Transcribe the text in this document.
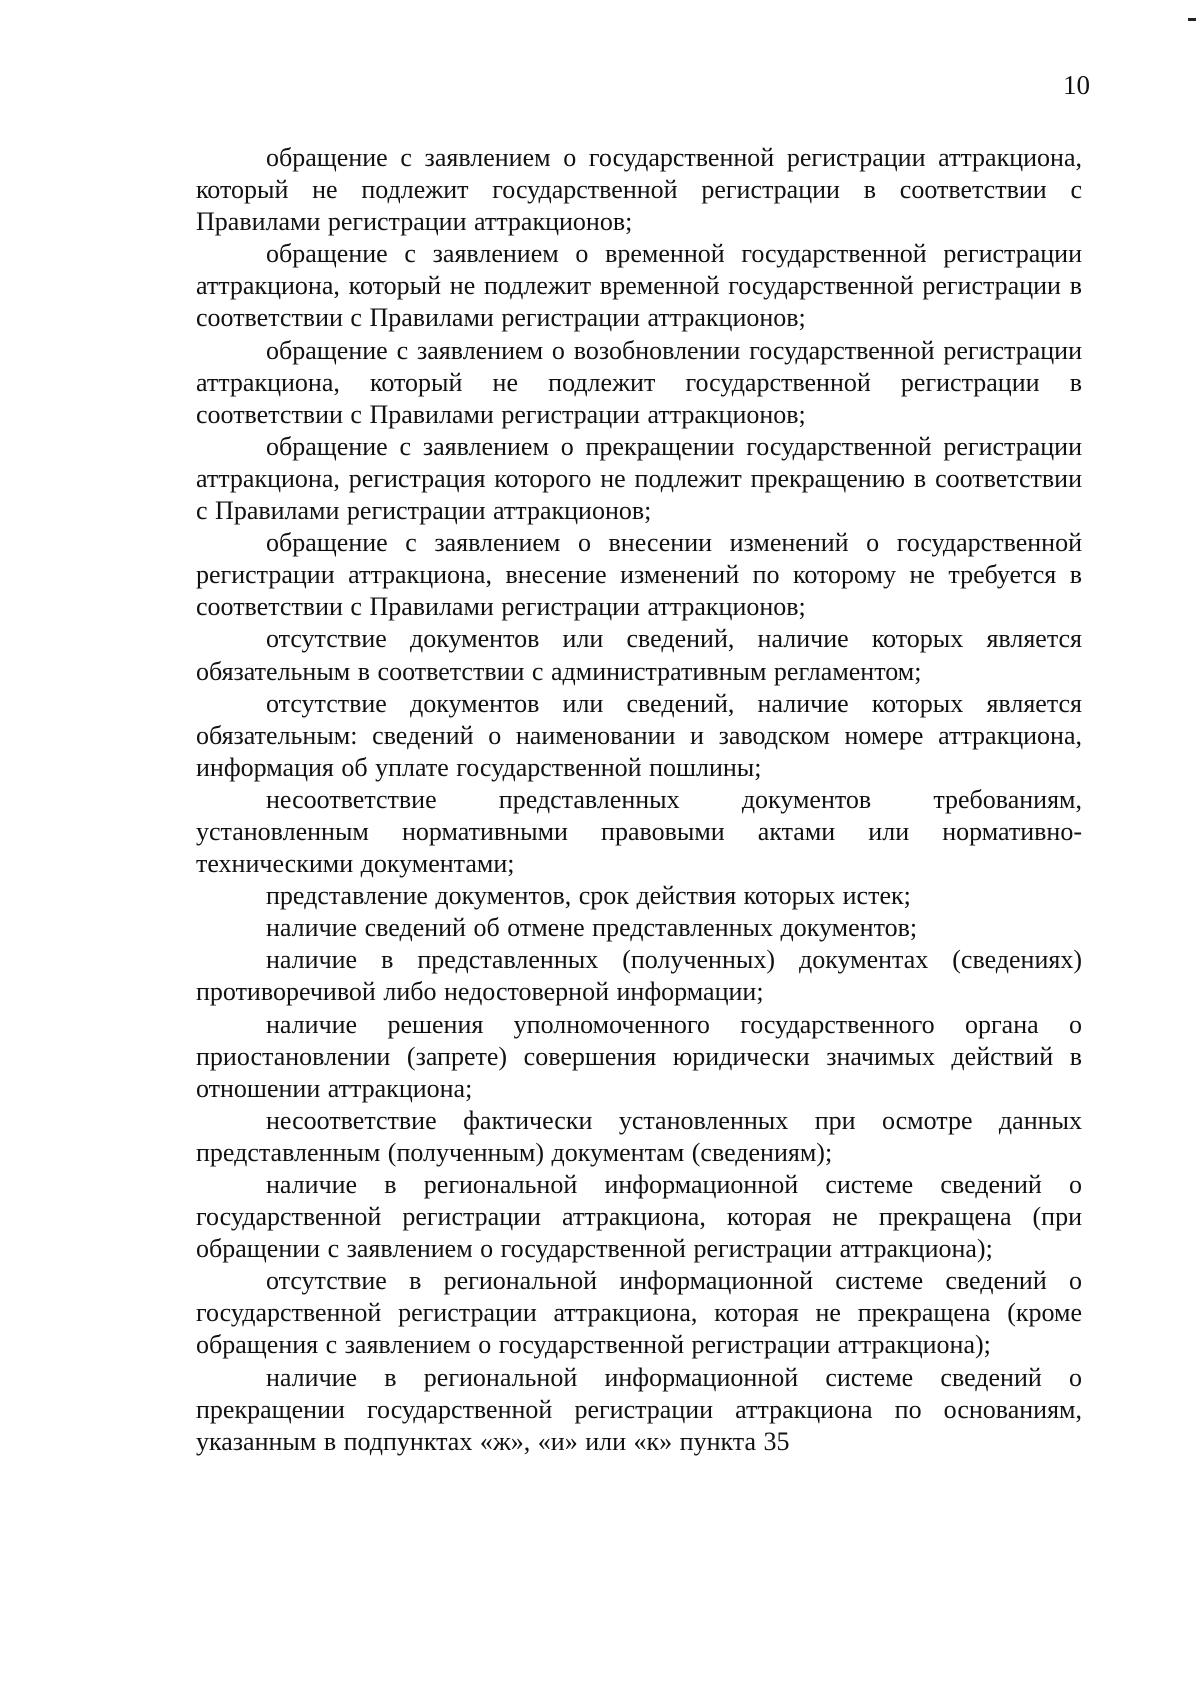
10

обращение с заявлением о государственной регистрации аттракциона, который не подлежит государственной регистрации в соответствии с Правилами регистрации аттракционов;

обращение с заявлением о временной государственной регистрации аттракциона, который не подлежит временной государственной регистрации в соответствии с Правилами регистрации аттракционов;

обращение с заявлением о возобновлении государственной регистрации аттракциона, который не подлежит государственной регистрации в соответствии с Правилами регистрации аттракционов;

обращение с заявлением о прекращении государственной регистрации аттракциона, регистрация которого не подлежит прекращению в соответствии с Правилами регистрации аттракционов;

обращение с заявлением о внесении изменений о государственной регистрации аттракциона, внесение изменений по которому не требуется в соответствии с Правилами регистрации аттракционов;

отсутствие документов или сведений, наличие которых является обязательным в соответствии с административным регламентом;

отсутствие документов или сведений, наличие которых является обязательным: сведений о наименовании и заводском номере аттракциона, информация об уплате государственной пошлины;

несоответствие представленных документов требованиям, установленным нормативными правовыми актами или нормативно-техническими документами;

представление документов, срок действия которых истек;

наличие сведений об отмене представленных документов;

наличие в представленных (полученных) документах (сведениях) противоречивой либо недостоверной информации;

наличие решения уполномоченного государственного органа о приостановлении (запрете) совершения юридически значимых действий в отношении аттракциона;

несоответствие фактически установленных при осмотре данных представленным (полученным) документам (сведениям);

наличие в региональной информационной системе сведений о государственной регистрации аттракциона, которая не прекращена (при обращении с заявлением о государственной регистрации аттракциона);

отсутствие в региональной информационной системе сведений о государственной регистрации аттракциона, которая не прекращена (кроме обращения с заявлением о государственной регистрации аттракциона);

наличие в региональной информационной системе сведений о прекращении государственной регистрации аттракциона по основаниям, указанным в подпунктах «ж», «и» или «к» пункта 35
